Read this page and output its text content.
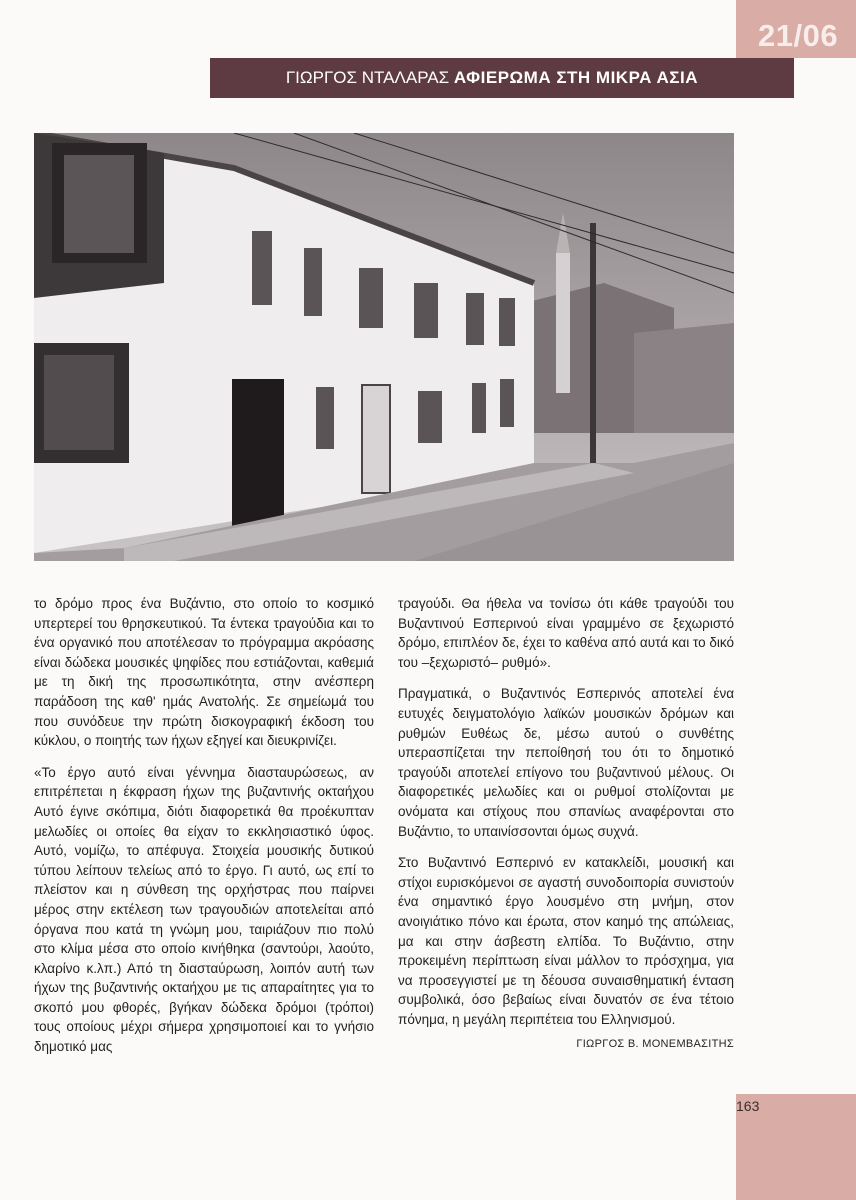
21/06
ΓΙΩΡΓΟΣ ΝΤΑΛΑΡΑΣ ΑΦΙΕΡΩΜΑ ΣΤΗ ΜΙΚΡΑ ΑΣΙΑ

το δρόμο προς ένα Βυζάντιο, στο οποίο το κοσμικό υπερτερεί του θρησκευτικού. Τα έντεκα τραγούδια και το ένα οργανικό που αποτέλεσαν το πρόγραμμα ακρόασης είναι δώδεκα μουσικές ψηφίδες που εστιάζονται, καθεμιά με τη δική της προσωπικότητα, στην ανέσπερη παράδοση της καθ' ημάς Ανατολής. Σε σημείωμά του που συνόδευε την πρώτη δισκογραφική έκδοση του κύκλου, ο ποιητής των ήχων εξηγεί και διευκρινίζει.

«Το έργο αυτό είναι γέννημα διασταυρώσεως, αν επιτρέπεται η έκφραση ήχων της βυζαντινής οκταήχου Αυτό έγινε σκόπιμα, διότι διαφορετικά θα προέκυπταν μελωδίες οι οποίες θα είχαν το εκκλησιαστικό ύφος. Αυτό, νομίζω, το απέφυγα. Στοιχεία μουσικής δυτικού τύπου λείπουν τελείως από το έργο. Γι αυτό, ως επί το πλείστον και η σύνθεση της ορχήστρας που παίρνει μέρος στην εκτέλεση των τραγουδιών αποτελείται από όργανα που κατά τη γνώμη μου, ταιριάζουν πιο πολύ στο κλίμα μέσα στο οποίο κινήθηκα (σαντούρι, λαούτο, κλαρίνο κ.λπ.) Από τη διασταύρωση, λοιπόν αυτή των ήχων της βυζαντινής οκταήχου με τις απαραίτητες για το σκοπό μου φθορές, βγήκαν δώδεκα δρόμοι (τρόποι) τους οποίους μέχρι σήμερα χρησιμοποιεί και το γνήσιο δημοτικό μας

τραγούδι. Θα ήθελα να τονίσω ότι κάθε τραγούδι του Βυζαντινού Εσπερινού είναι γραμμένο σε ξεχωριστό δρόμο, επιπλέον δε, έχει το καθένα από αυτά και το δικό του –ξεχωριστό– ρυθμό».

Πραγματικά, ο Βυζαντινός Εσπερινός αποτελεί ένα ευτυχές δειγματολόγιο λαϊκών μουσικών δρόμων και ρυθμών Ευθέως δε, μέσω αυτού ο συνθέτης υπερασπίζεται την πεποίθησή του ότι το δημοτικό τραγούδι αποτελεί επίγονο του βυζαντινού μέλους. Οι διαφορετικές μελωδίες και οι ρυθμοί στολίζονται με ονόματα και στίχους που σπανίως αναφέρονται στο Βυζάντιο, το υπαινίσσονται όμως συχνά.

Στο Βυζαντινό Εσπερινό εν κατακλείδι, μουσική και στίχοι ευρισκόμενοι σε αγαστή συνοδοιπορία συνιστούν ένα σημαντικό έργο λουσμένο στη μνήμη, στον ανοιγιάτικο πόνο και έρωτα, στον καημό της απώλειας, μα και στην άσβεστη ελπίδα. Το Βυζάντιο, στην προκειμένη περίπτωση είναι μάλλον το πρόσχημα, για να προσεγγιστεί με τη δέουσα συναισθηματική ένταση συμβολικά, όσο βεβαίως είναι δυνατόν σε ένα τέτοιο πόνημα, η μεγάλη περιπέτεια του Ελληνισμού.

ΓΙΩΡΓΟΣ Β. ΜΟΝΕΜΒΑΣΙΤΗΣ
163
